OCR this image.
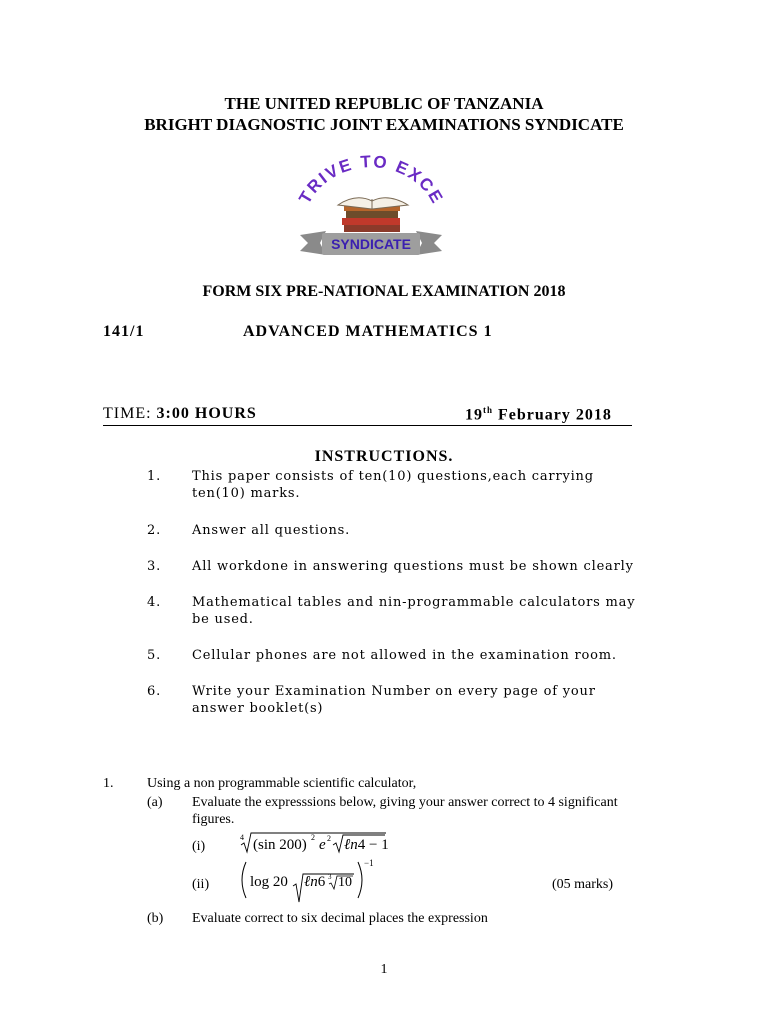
THE UNITED REPUBLIC OF TANZANIA
BRIGHT DIAGNOSTIC JOINT EXAMINATIONS SYNDICATE
TRIVE TO EXCE
SYNDICATE
FORM SIX PRE-NATIONAL EXAMINATION 2018
141/1	ADVANCED MATHEMATICS 1
TIME: 3:00 HOURS	19th February 2018
INSTRUCTIONS.
1. This paper consists of ten(10) questions,each carrying ten(10) marks.
2. Answer all questions.
3. All workdone in answering questions must be shown clearly
4. Mathematical tables and nin-programmable calculators may be used.
5. Cellular phones are not allowed in the examination room.
6. Write your Examination Number on every page of your answer booklet(s)
1. Using a non programmable scientific calculator,
(a) Evaluate the expresssions below, giving your answer correct to 4 significant figures.
(i)
4 (sin 200) 2 e 2 ℓn4 − 1
(ii)	log 20 ℓn6 3 10
−1
(05 marks)
(b) Evaluate correct to six decimal places the expression
1
